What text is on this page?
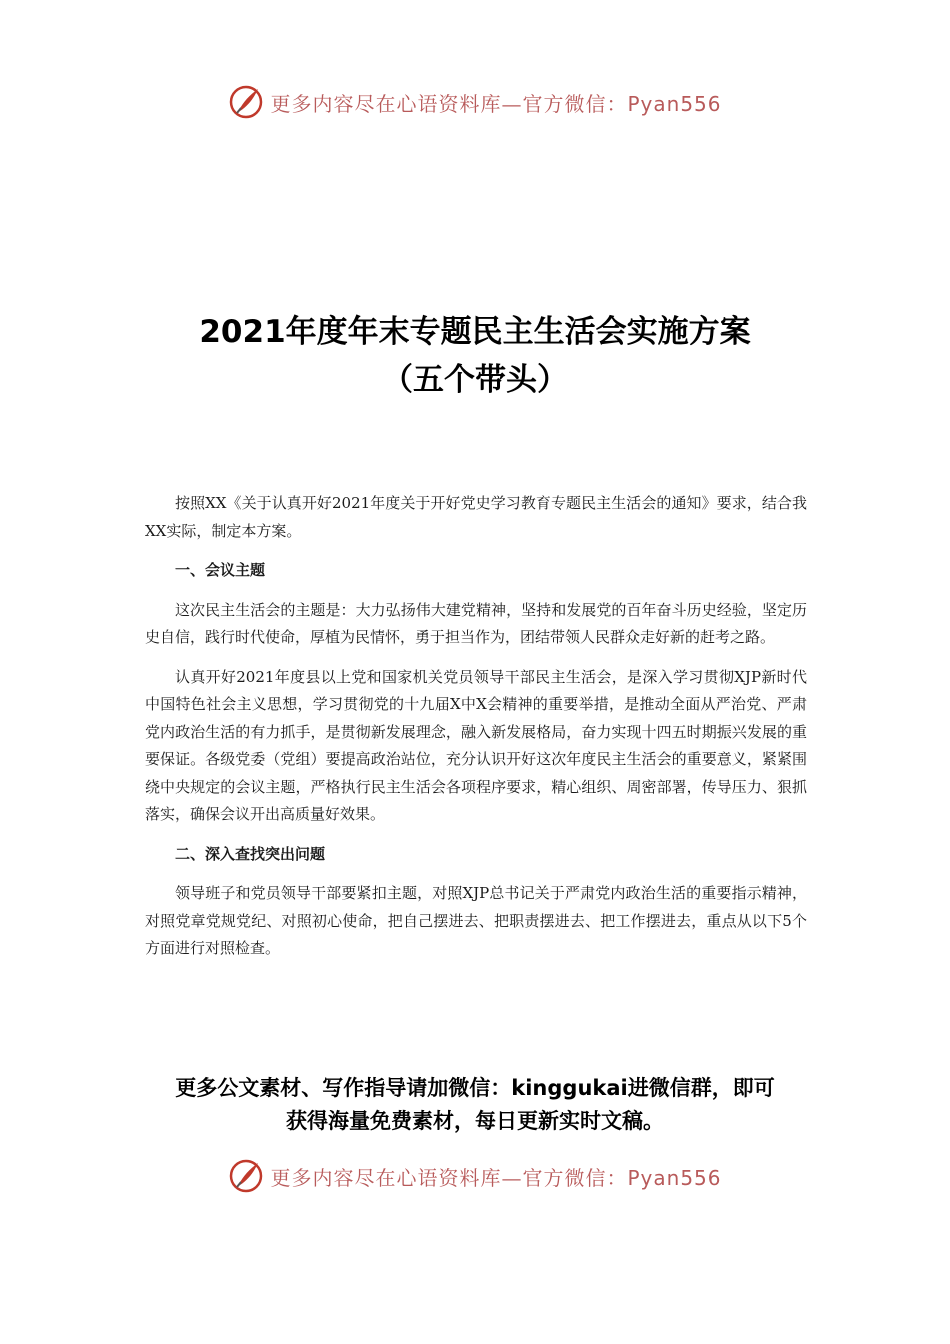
更多内容尽在心语资料库—官方微信：Pyan556
2021年度年末专题民主生活会实施方案
（五个带头）

按照XX《关于认真开好2021年度关于开好党史学习教育专题民主生活会的通知》要求，结合我XX实际，制定本方案。

一、会议主题

这次民主生活会的主题是：大力弘扬伟大建党精神，坚持和发展党的百年奋斗历史经验，坚定历史自信，践行时代使命，厚植为民情怀，勇于担当作为，团结带领人民群众走好新的赶考之路。

认真开好2021年度县以上党和国家机关党员领导干部民主生活会，是深入学习贯彻XJP新时代中国特色社会主义思想，学习贯彻党的十九届X中X会精神的重要举措，是推动全面从严治党、严肃党内政治生活的有力抓手，是贯彻新发展理念，融入新发展格局，奋力实现十四五时期振兴发展的重要保证。各级党委（党组）要提高政治站位，充分认识开好这次年度民主生活会的重要意义，紧紧围绕中央规定的会议主题，严格执行民主生活会各项程序要求，精心组织、周密部署，传导压力、狠抓落实，确保会议开出高质量好效果。

二、深入查找突出问题

领导班子和党员领导干部要紧扣主题，对照XJP总书记关于严肃党内政治生活的重要指示精神，对照党章党规党纪、对照初心使命，把自己摆进去、把职责摆进去、把工作摆进去，重点从以下5个方面进行对照检查。

更多公文素材、写作指导请加微信：kinggukai进微信群，即可
获得海量免费素材，每日更新实时文稿。
更多内容尽在心语资料库—官方微信：Pyan556
